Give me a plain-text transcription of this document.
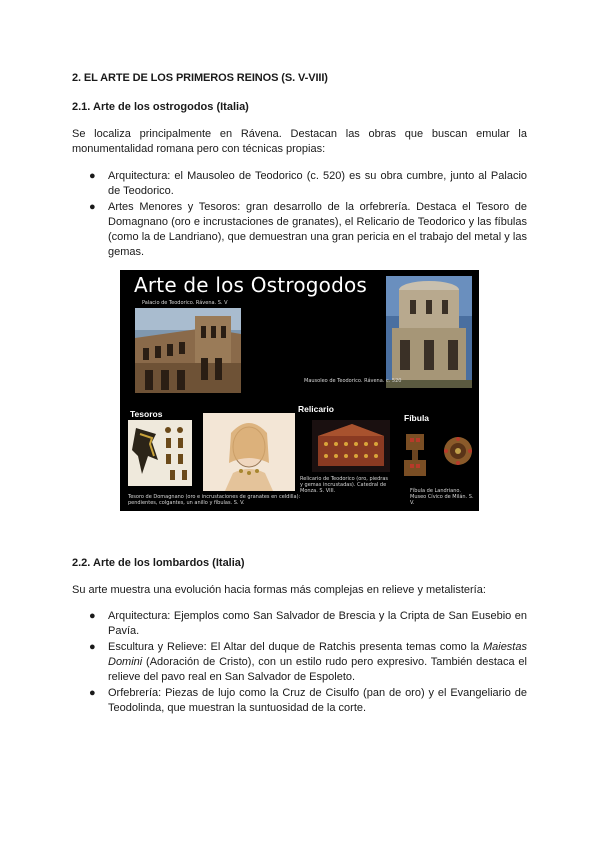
2. EL ARTE DE LOS PRIMEROS REINOS (S. V-VIII)
2.1. Arte de los ostrogodos (Italia)
Se localiza principalmente en Rávena. Destacan las obras que buscan emular la monumentalidad romana pero con técnicas propias:
● Arquitectura: el Mausoleo de Teodorico (c. 520) es su obra cumbre, junto al Palacio de Teodorico.
● Artes Menores y Tesoros: gran desarrollo de la orfebrería. Destaca el Tesoro de Domagnano (oro e incrustaciones de granates), el Relicario de Teodorico y las fíbulas (como la de Landriano), que demuestran una gran pericia en el trabajo del metal y las gemas.
Arte de los Ostrogodos
Palacio de Teodorico. Rávena. S. V
Mausoleo de Teodorico. Rávena. c. 520
Tesoros
Tesoro de Domagnano (oro e incrustaciones de granates en celdilla): pendientes, colgantes, un anillo y fíbulas. S. V.
Relicario
Relicario de Teodorico (oro, piedras y gemas incrustadas). Catedral de Monza. S. VIII.
Fíbula
Fíbula de Landriano. Museo Cívico de Milán. S. V.
2.2. Arte de los lombardos (Italia)
Su arte muestra una evolución hacia formas más complejas en relieve y metalistería:
● Arquitectura: Ejemplos como San Salvador de Brescia y la Cripta de San Eusebio en Pavía.
● Escultura y Relieve: El Altar del duque de Ratchis presenta temas como la Maiestas Domini (Adoración de Cristo), con un estilo rudo pero expresivo. También destaca el relieve del pavo real en San Salvador de Espoleto.
● Orfebrería: Piezas de lujo como la Cruz de Cisulfo (pan de oro) y el Evangeliario de Teodolinda, que muestran la suntuosidad de la corte.
